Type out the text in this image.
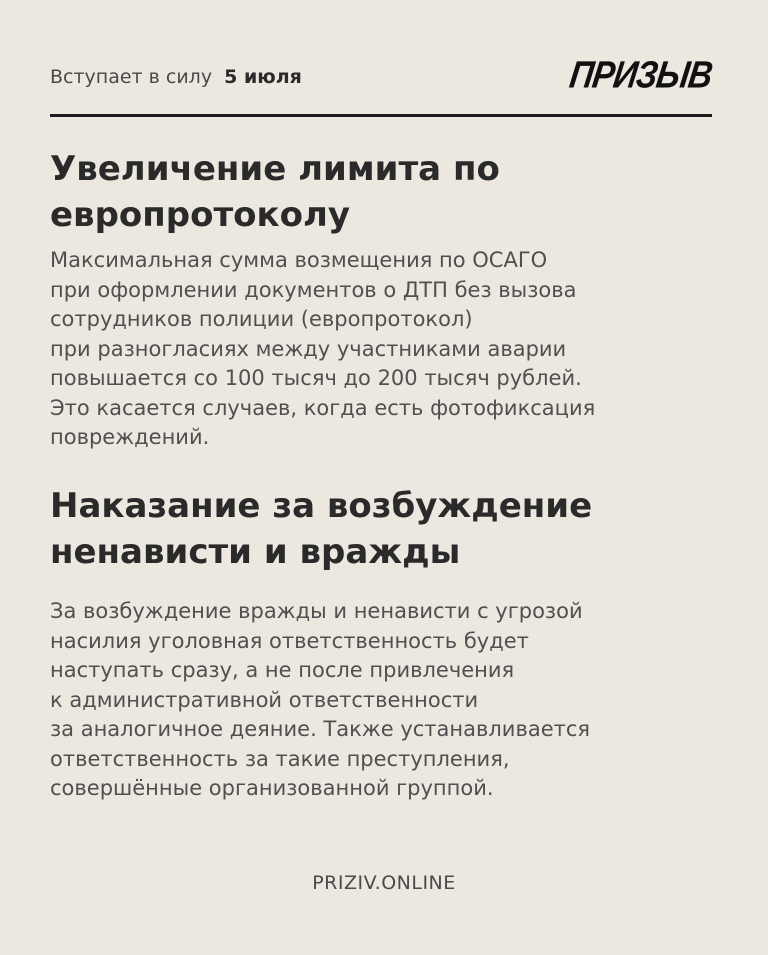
Вступает в силу 5 июля	ПРИЗЫВ
Увеличение лимита по европротоколу

Максимальная сумма возмещения по ОСАГО
при оформлении документов о ДТП без вызова
сотрудников полиции (европротокол)
при разногласиях между участниками аварии
повышается со 100 тысяч до 200 тысяч рублей.
Это касается случаев, когда есть фотофиксация
повреждений.

Наказание за возбуждение ненависти и вражды

За возбуждение вражды и ненависти с угрозой
насилия уголовная ответственность будет
наступать сразу, а не после привлечения
к административной ответственности
за аналогичное деяние. Также устанавливается
ответственность за такие преступления,
совершённые организованной группой.

PRIZIV.ONLINE
